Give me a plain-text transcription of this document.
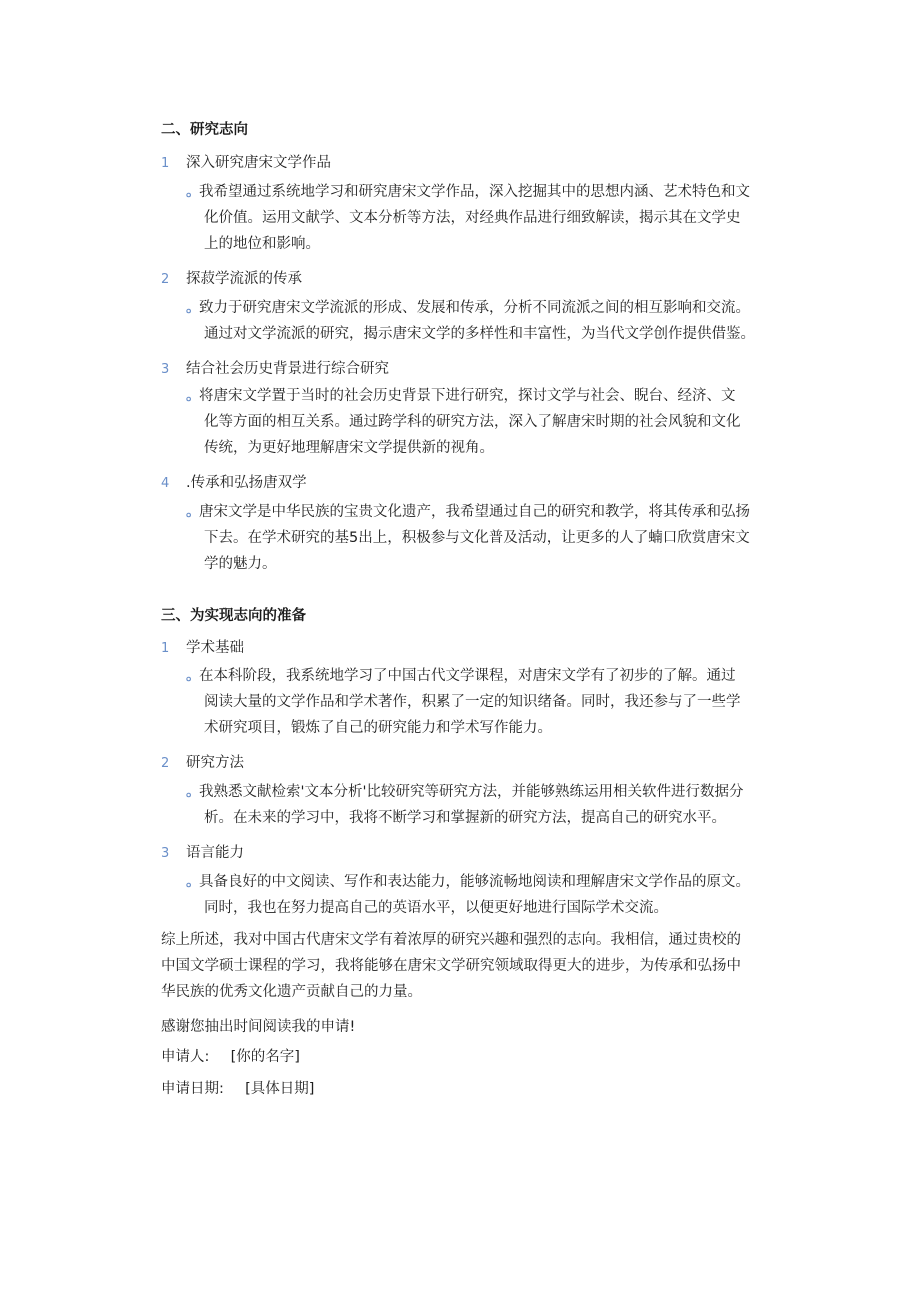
二、研究志向
1 深入研究唐宋文学作品
。我希望通过系统地学习和研究唐宋文学作品，深入挖掘其中的思想内涵、艺术特色和文
化价值。运用文献学、文本分析等方法，对经典作品进行细致解读，揭示其在文学史
上的地位和影响。
2 探菽学流派的传承
。致力于研究唐宋文学流派的形成、发展和传承，分析不同流派之间的相互影响和交流。
通过对文学流派的研究，揭示唐宋文学的多样性和丰富性，为当代文学创作提供借鉴。
3 结合社会历史背景进行综合研究
。将唐宋文学置于当时的社会历史背景下进行研究，探讨文学与社会、睨台、经济、文
化等方面的相互关系。通过跨学科的研究方法，深入了解唐宋时期的社会风貌和文化
传统，为更好地理解唐宋文学提供新的视角。
4 .传承和弘扬唐双学
。唐宋文学是中华民族的宝贵文化遗产，我希望通过自己的研究和教学，将其传承和弘扬
下去。在学术研究的基5出上，积极参与文化普及活动，让更多的人了蝻口欣赏唐宋文
学的魅力。
三、为实现志向的准备
1 学术基础
。在本科阶段，我系统地学习了中国古代文学课程，对唐宋文学有了初步的了解。通过
阅读大量的文学作品和学术著作，积累了一定的知识绪备。同时，我还参与了一些学
术研究项目，锻炼了自己的研究能力和学术写作能力。
2 研究方法
。我熟悉文献检索'文本分析'比较研究等研究方法，并能够熟练运用相关软件进行数据分
析。在未来的学习中，我将不断学习和掌握新的研究方法，提高自己的研究水平。
3 语言能力
。具备良好的中文阅读、写作和表达能力，能够流畅地阅读和理解唐宋文学作品的原文。
同时，我也在努力提高自己的英语水平，以便更好地进行国际学术交流。
综上所述，我对中国古代唐宋文学有着浓厚的研究兴趣和强烈的志向。我相信，通过贵校的
中国文学硕士课程的学习，我将能够在唐宋文学研究领域取得更大的进步，为传承和弘扬中
华民族的优秀文化遗产贡献自己的力量。
感谢您抽出时间阅读我的申请!
申请人: [你的名字]
申请日期: [具体日期]
